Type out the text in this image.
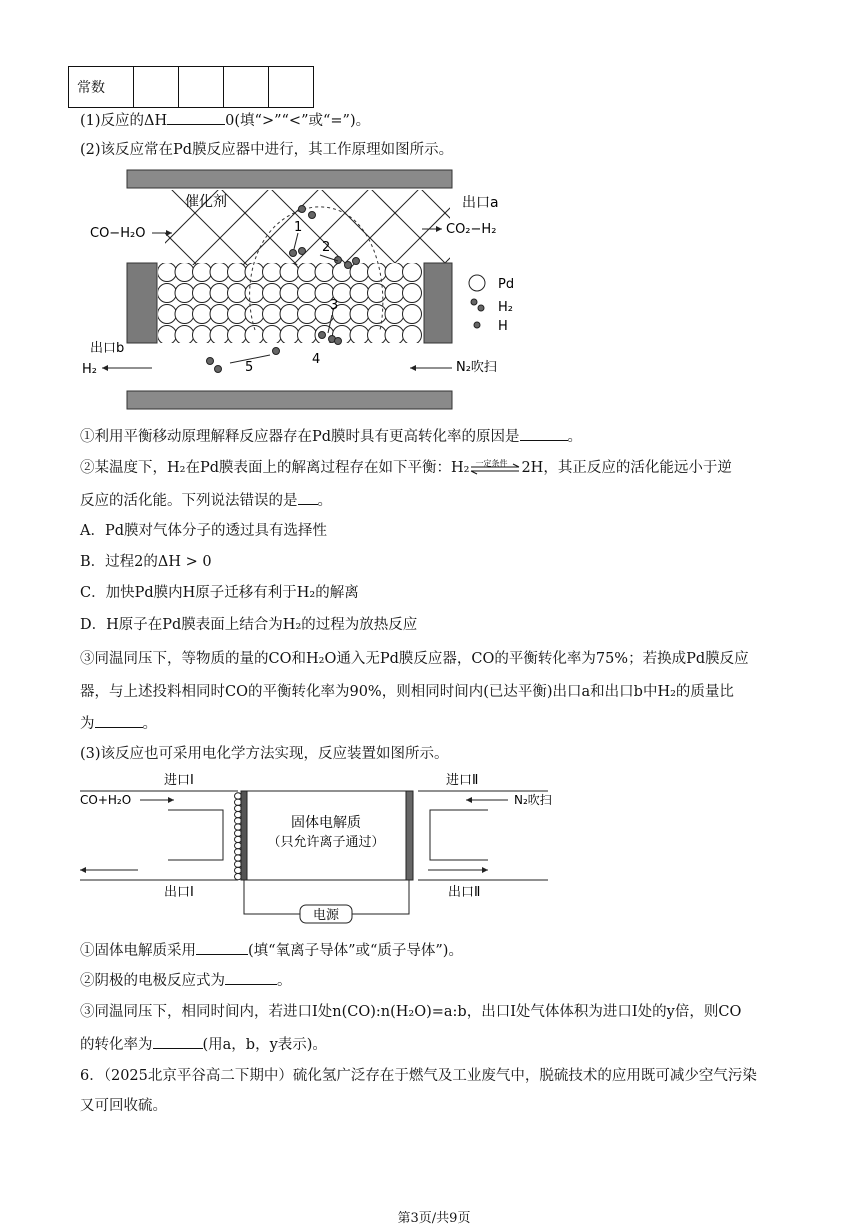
常数				
(1)反应的ΔH	0(填“>”“<”或“=”)。
(2)该反应常在Pd膜反应器中进行，其工作原理如图所示。
1
2
3
4
5
催化剂	出口a
CO−H₂O	CO₂−H₂
出口b
H₂	N₂吹扫
Pd
H₂
H
①利用平衡移动原理解释反应器存在Pd膜时具有更高转化率的原因是	。
②某温度下，H₂在Pd膜表面上的解离过程存在如下平衡：H₂ 一定条件 2H，其正反应的活化能远小于逆
反应的活化能。下列说法错误的是 。
A．Pd膜对气体分子的透过具有选择性
B．过程2的ΔH > 0
C．加快Pd膜内H原子迁移有利于H₂的解离
D．H原子在Pd膜表面上结合为H₂的过程为放热反应
③同温同压下，等物质的量的CO和H₂O通入无Pd膜反应器，CO的平衡转化率为75%；若换成Pd膜反应
器，与上述投料相同时CO的平衡转化率为90%，则相同时间内(已达平衡)出口a和出口b中H₂的质量比
为	。
(3)该反应也可采用电化学方法实现，反应装置如图所示。
固体电解质
（只允许离子通过）
电源
进口Ⅰ	进口Ⅱ
CO+H₂O	N₂吹扫
出口Ⅰ	出口Ⅱ
①固体电解质采用	(填“氧离子导体”或“质子导体”)。
②阴极的电极反应式为	。
③同温同压下，相同时间内，若进口Ⅰ处n(CO):n(H₂O)=a:b，出口Ⅰ处气体体积为进口Ⅰ处的y倍，则CO
的转化率为	(用a，b，y表示)。
6．（2025北京平谷高二下期中）硫化氢广泛存在于燃气及工业废气中，脱硫技术的应用既可减少空气污染
又可回收硫。
第3页/共9页
